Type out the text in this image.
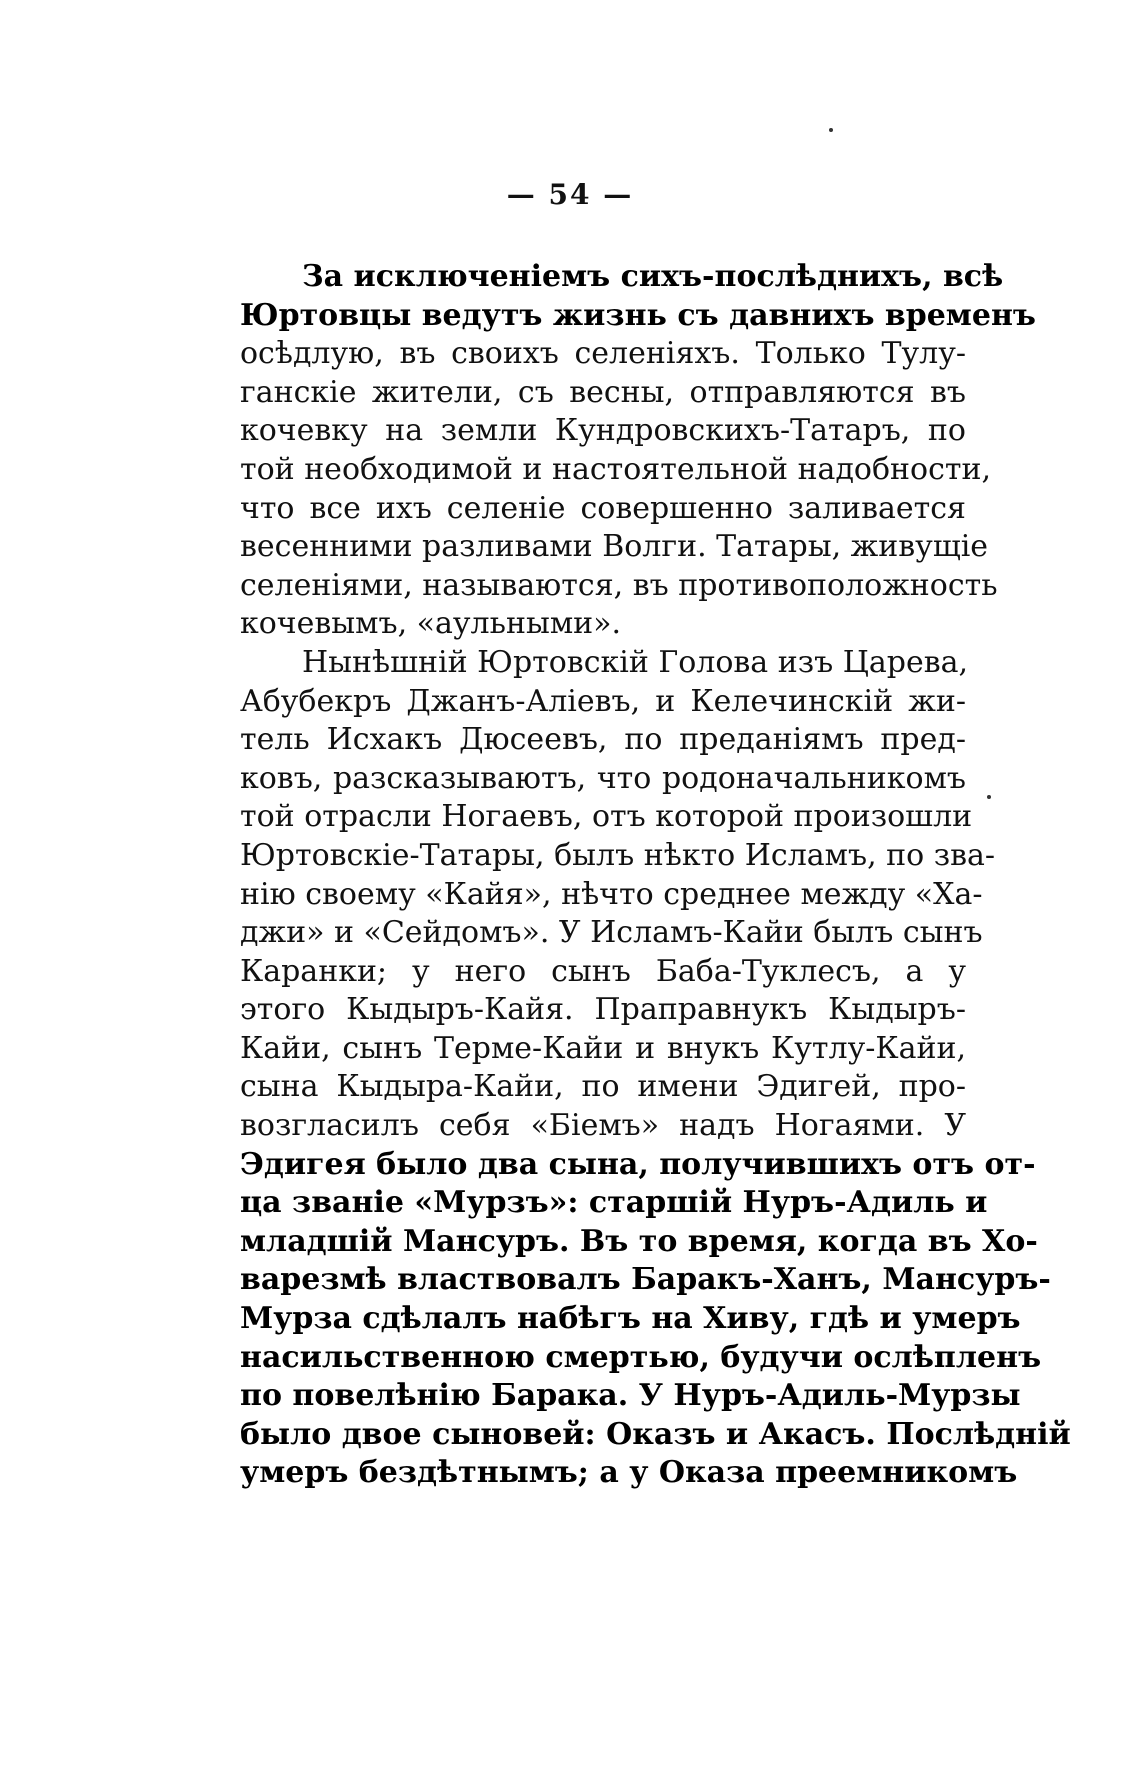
— 54 —
За исключеніемъ сихъ-послѣднихъ, всѣ
Юртовцы ведутъ жизнь съ давнихъ временъ
осѣдлую, въ своихъ селеніяхъ. Только Тулу-
ганскіе жители, съ весны, отправляются въ
кочевку на земли Кундровскихъ-Татаръ, по
той необходимой и настоятельной надобности,
что все ихъ селеніе совершенно заливается
весенними разливами Волги. Татары, живущіе
селеніями, называются, въ противоположность
кочевымъ, «аульными».
Нынѣшній Юртовскій Голова изъ Царева,
Абубекръ Джанъ-Аліевъ, и Келечинскій жи-
тель Исхакъ Дюсеевъ, по преданіямъ пред-
ковъ, разсказываютъ, что родоначальникомъ
той отрасли Ногаевъ, отъ которой произошли
Юртовскіе-Татары, былъ нѣкто Исламъ, по зва-
нію своему «Кайя», нѣчто среднее между «Ха-
джи» и «Сейдомъ». У Исламъ-Кайи былъ сынъ
Каранки; у него сынъ Баба-Туклесъ, а у
этого Кыдыръ-Кайя. Праправнукъ Кыдыръ-
Кайи, сынъ Терме-Кайи и внукъ Кутлу-Кайи,
сына Кыдыра-Кайи, по имени Эдигей, про-
возгласилъ себя «Біемъ» надъ Ногаями. У
Эдигея было два сына, получившихъ отъ от-
ца званіе «Мурзъ»: старшій Нуръ-Адиль и
младшій Мансуръ. Въ то время, когда въ Хо-
варезмѣ властвовалъ Баракъ-Ханъ, Мансуръ-
Мурза сдѣлалъ набѣгъ на Хиву, гдѣ и умеръ
насильственною смертью, будучи ослѣпленъ
по повелѣнію Барака. У Нуръ-Адиль-Мурзы
было двое сыновей: Оказъ и Акасъ. Послѣдній
умеръ бездѣтнымъ; а у Оказа преемникомъ
